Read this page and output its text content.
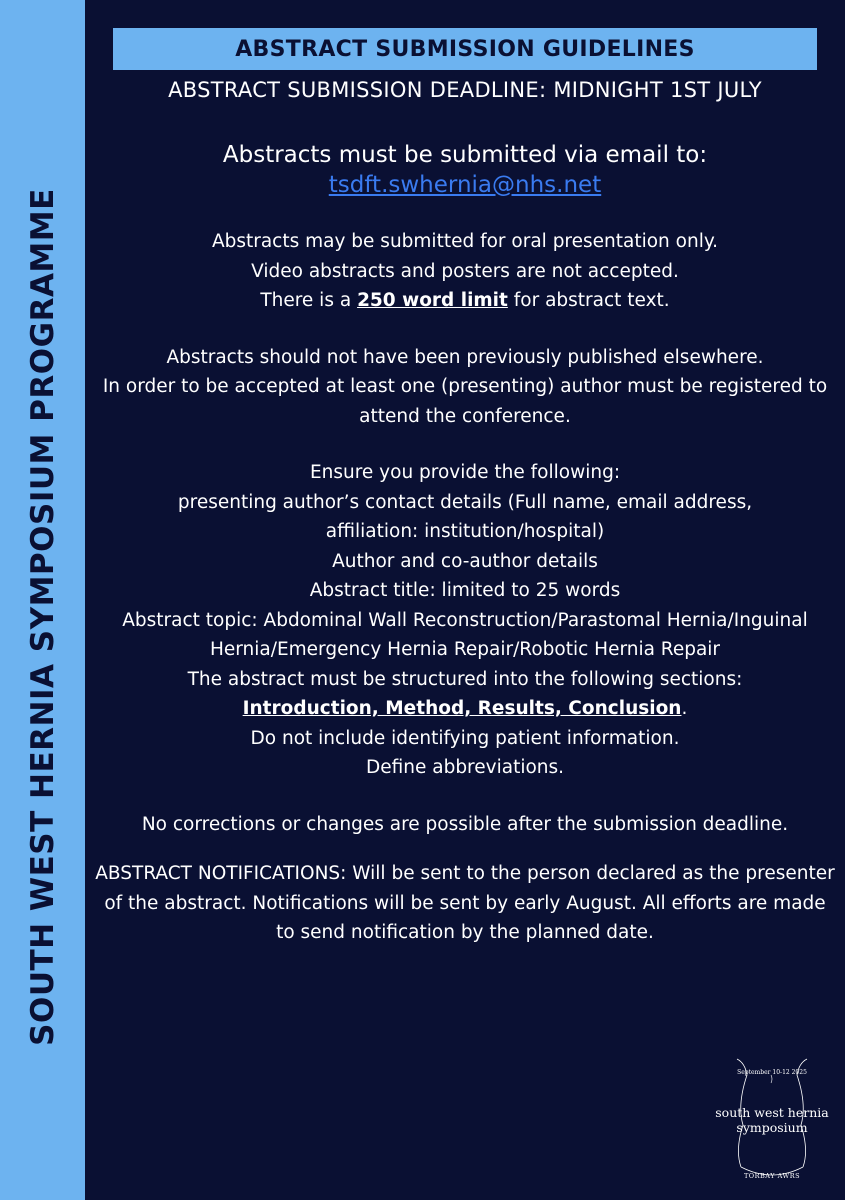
SOUTH WEST HERNIA SYMPOSIUM PROGRAMME
ABSTRACT SUBMISSION GUIDELINES
ABSTRACT SUBMISSION DEADLINE: MIDNIGHT 1ST JULY
Abstracts must be submitted via email to:
tsdft.swhernia@nhs.net
Abstracts may be submitted for oral presentation only.
Video abstracts and posters are not accepted.
There is a 250 word limit for abstract text.
Abstracts should not have been previously published elsewhere.
In order to be accepted at least one (presenting) author must be registered to attend the conference.
Ensure you provide the following:
presenting author’s contact details (Full name, email address, affiliation: institution/hospital)
Author and co-author details
Abstract title: limited to 25 words
Abstract topic: Abdominal Wall Reconstruction/Parastomal Hernia/Inguinal Hernia/Emergency Hernia Repair/Robotic Hernia Repair
The abstract must be structured into the following sections:
Introduction, Method, Results, Conclusion.
Do not include identifying patient information.
Define abbreviations.
No corrections or changes are possible after the submission deadline.
ABSTRACT NOTIFICATIONS: Will be sent to the person declared as the presenter of the abstract. Notifications will be sent by early August. All efforts are made to send notification by the planned date.
September 10-12 2025
south west hernia
symposium
TORBAY AWRS
